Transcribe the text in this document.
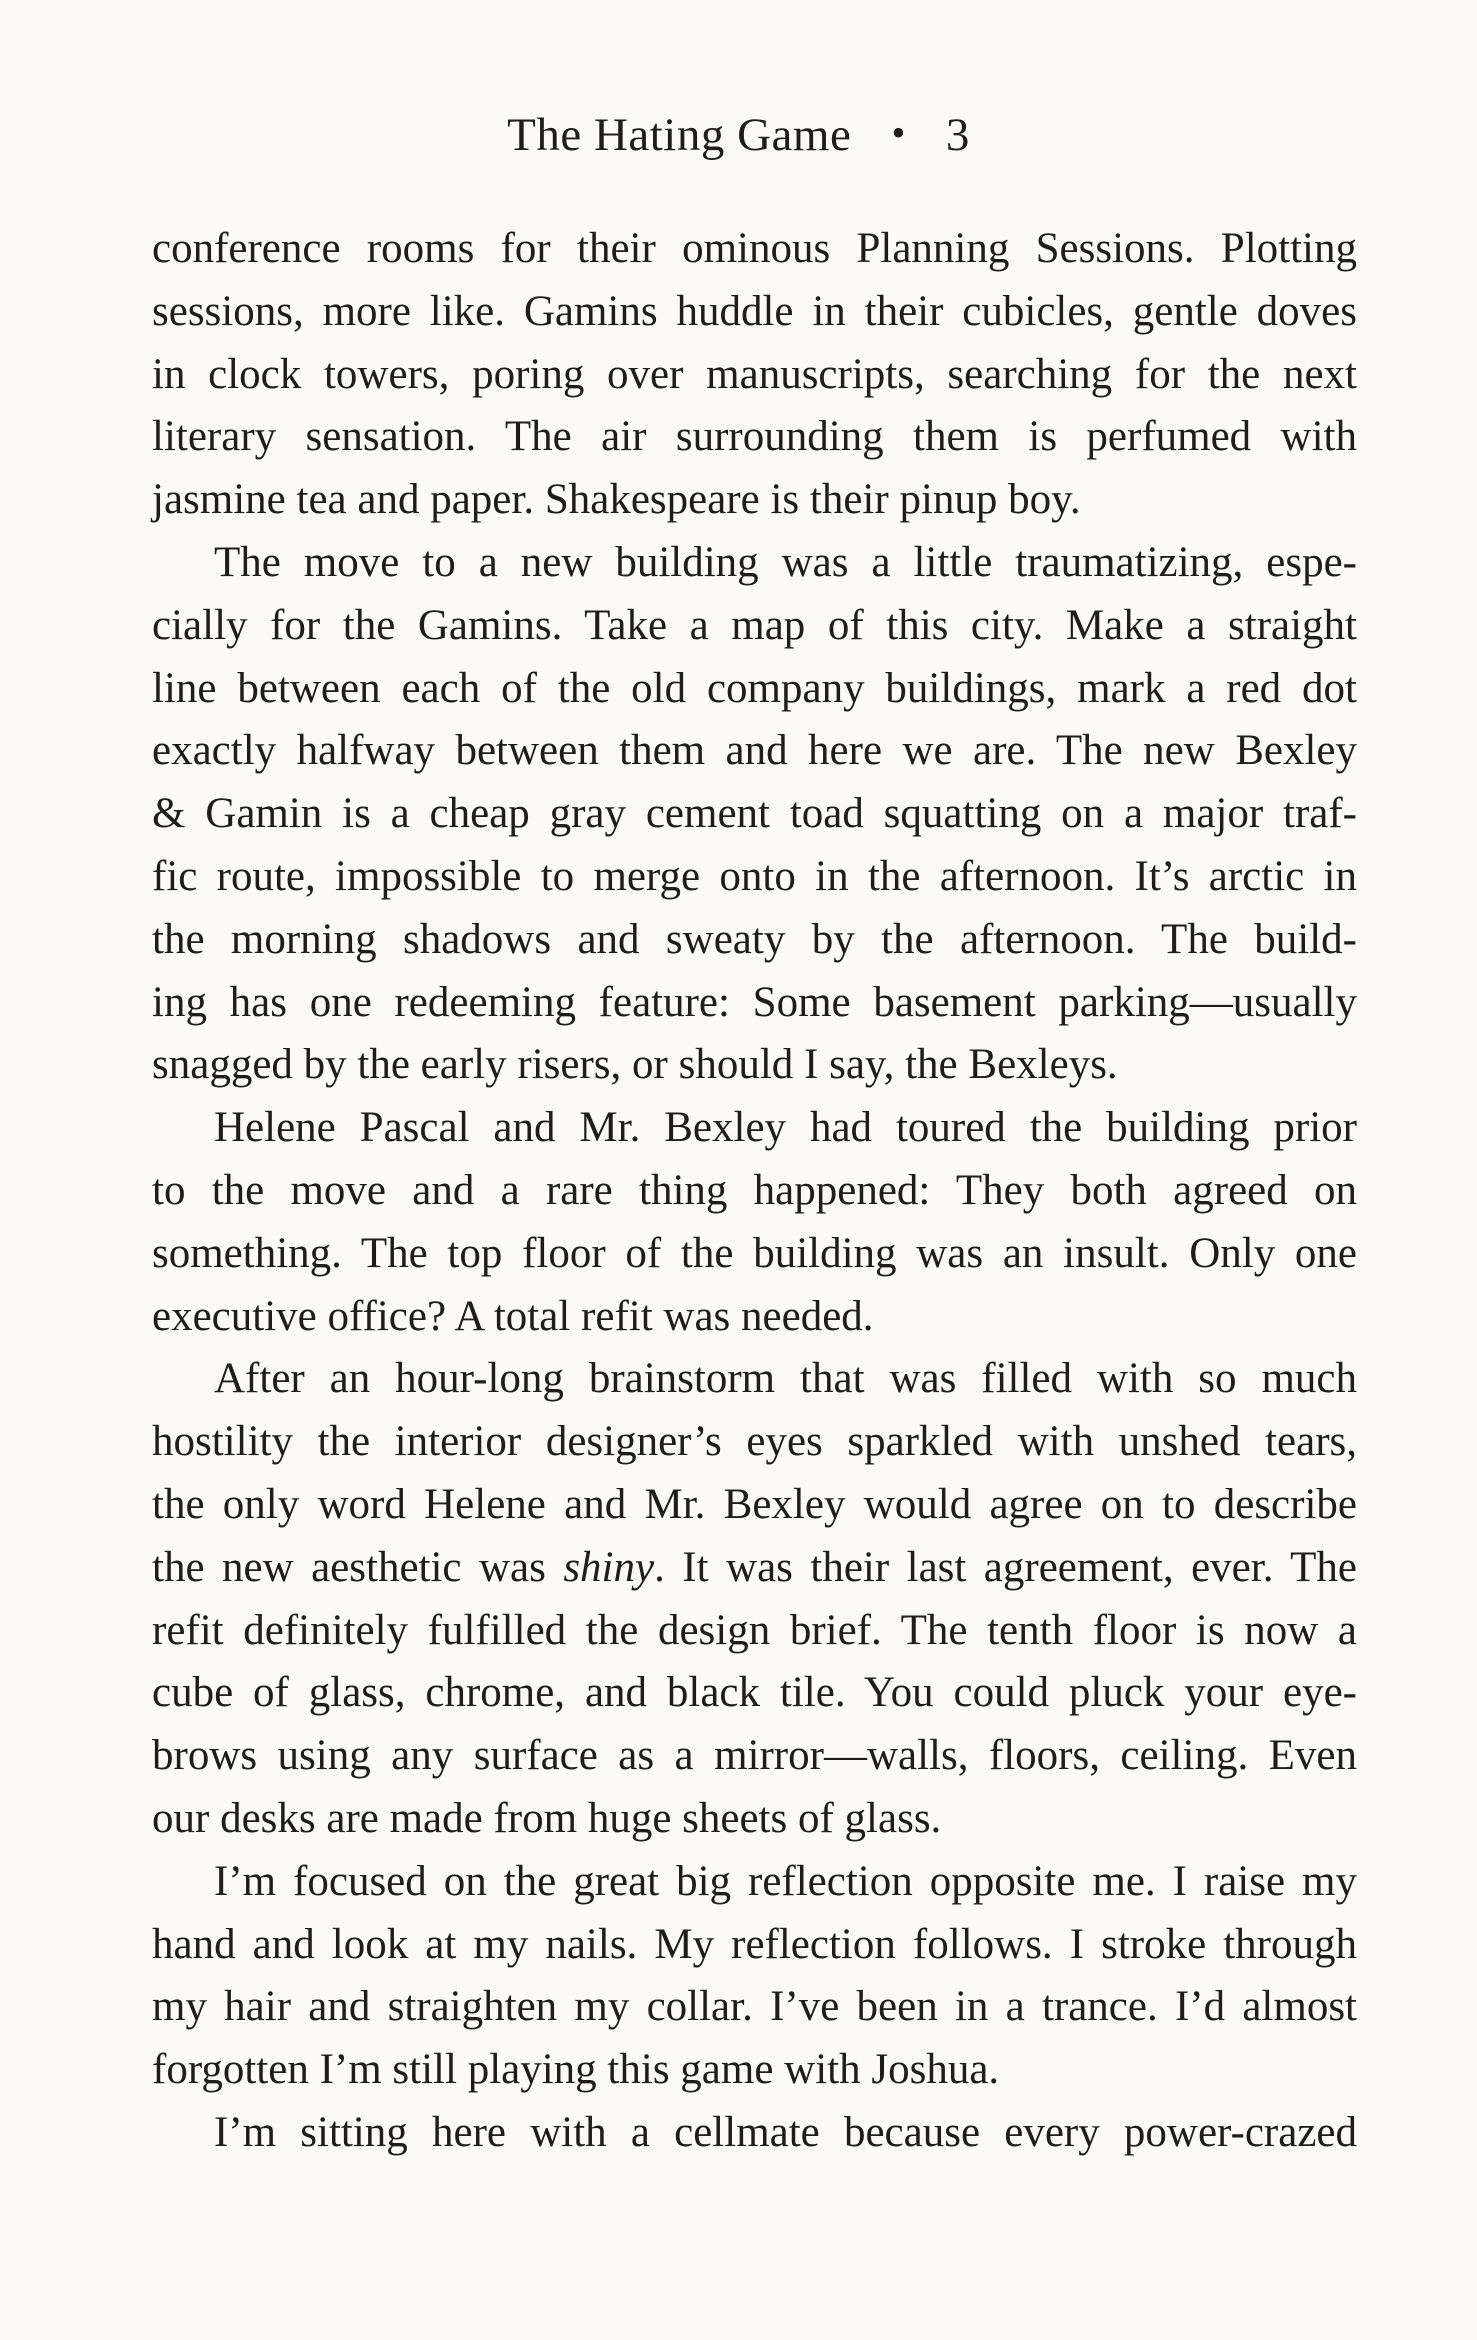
The Hating Game • 3
conference rooms for their ominous Planning Sessions. Plotting
sessions, more like. Gamins huddle in their cubicles, gentle doves
in clock towers, poring over manuscripts, searching for the next
literary sensation. The air surrounding them is perfumed with
jasmine tea and paper. Shakespeare is their pinup boy.
The move to a new building was a little traumatizing, espe-
cially for the Gamins. Take a map of this city. Make a straight
line between each of the old company buildings, mark a red dot
exactly halfway between them and here we are. The new Bexley
& Gamin is a cheap gray cement toad squatting on a major traf-
fic route, impossible to merge onto in the afternoon. It’s arctic in
the morning shadows and sweaty by the afternoon. The build-
ing has one redeeming feature: Some basement parking—usually
snagged by the early risers, or should I say, the Bexleys.
Helene Pascal and Mr. Bexley had toured the building prior
to the move and a rare thing happened: They both agreed on
something. The top floor of the building was an insult. Only one
executive office? A total refit was needed.
After an hour-long brainstorm that was filled with so much
hostility the interior designer’s eyes sparkled with unshed tears,
the only word Helene and Mr. Bexley would agree on to describe
the new aesthetic was shiny. It was their last agreement, ever. The
refit definitely fulfilled the design brief. The tenth floor is now a
cube of glass, chrome, and black tile. You could pluck your eye-
brows using any surface as a mirror—walls, floors, ceiling. Even
our desks are made from huge sheets of glass.
I’m focused on the great big reflection opposite me. I raise my
hand and look at my nails. My reflection follows. I stroke through
my hair and straighten my collar. I’ve been in a trance. I’d almost
forgotten I’m still playing this game with Joshua.
I’m sitting here with a cellmate because every power-crazed
